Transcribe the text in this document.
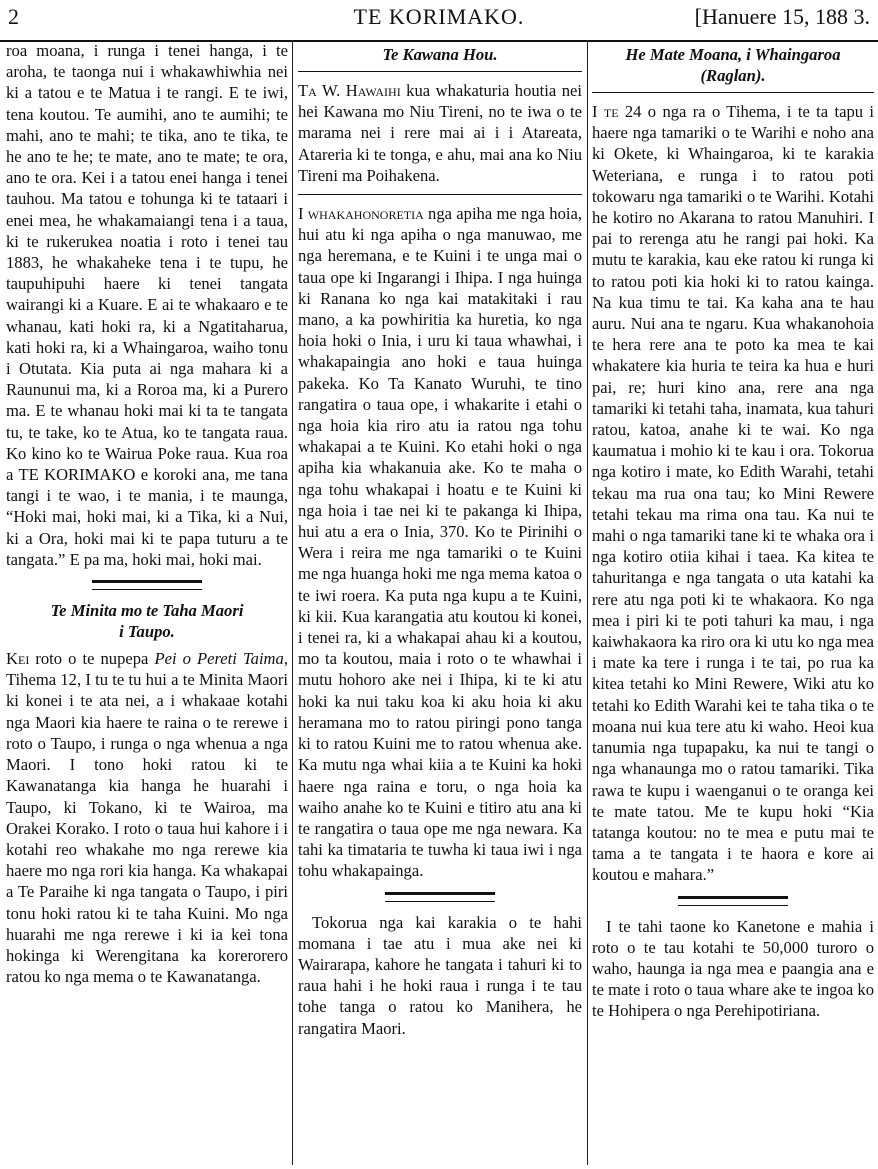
2	TE KORIMAKO.	[Hanuere 15, 188 3.

roa moana, i runga i tenei hanga, i te aroha, te taonga nui i whakawhiwhia nei ki a tatou e te Matua i te rangi. E te iwi, tena koutou. Te aumihi, ano te aumihi; te mahi, ano te mahi; te tika, ano te tika, te he ano te he; te mate, ano te mate; te ora, ano te ora. Kei i a tatou enei hanga i tenei tauhou. Ma tatou e tohunga ki te tataari i enei mea, he whakamaiangi tena i a taua, ki te rukerukea noatia i roto i tenei tau 1883, he whakaheke tena i te tupu, he taupuhipuhi haere ki tenei tangata wairangi ki a Kuare. E ai te whakaaro e te whanau, kati hoki ra, ki a Ngatitaharua, kati hoki ra, ki a Whaingaroa, waiho tonu i Otutata. Kia puta ai nga mahara ki a Raununui ma, ki a Roroa ma, ki a Purero ma. E te whanau hoki mai ki ta te tangata tu, te take, ko te Atua, ko te tangata raua. Ko kino ko te Wairua Poke raua. Kua roa a TE KORIMAKO e koroki ana, me tana tangi i te wao, i te mania, i te maunga, “Hoki mai, hoki mai, ki a Tika, ki a Nui, ki a Ora, hoki mai ki te papa tuturu a te tangata.” E pa ma, hoki mai, hoki mai.

Te Minita mo te Taha Maori
i Taupo.

Kei roto o te nupepa Pei o Pereti Taima, Tihema 12, I tu te tu hui a te Minita Maori ki konei i te ata nei, a i whakaae kotahi nga Maori kia haere te raina o te rerewe i roto o Taupo, i runga o nga whenua a nga Maori. I tono hoki ratou ki te Kawanatanga kia hanga he huarahi i Taupo, ki Tokano, ki te Wairoa, ma Orakei Korako. I roto o taua hui kahore i i kotahi reo whakahe mo nga rerewe kia haere mo nga rori kia hanga. Ka whakapai a Te Paraihe ki nga tangata o Taupo, i piri tonu hoki ratou ki te taha Kuini. Mo nga huarahi me nga rerewe i ki ia kei tona hokinga ki Werengitana ka korerorero ratou ko nga mema o te Kawanatanga.

Te Kawana Hou.

Ta W. Hawaihi kua whakaturia houtia nei hei Kawana mo Niu Tireni, no te iwa o te marama nei i rere mai ai i i Atareata, Atareria ki te tonga, e ahu, mai ana ko Niu Tireni ma Poihakena.

I whakahonoretia nga apiha me nga hoia, hui atu ki nga apiha o nga manuwao, me nga heremana, e te Kuini i te unga mai o taua ope ki Ingarangi i Ihipa. I nga huinga ki Ranana ko nga kai matakitaki i rau mano, a ka powhiritia ka huretia, ko nga hoia hoki o Inia, i uru ki taua whawhai, i whakapaingia ano hoki e taua huinga pakeka. Ko Ta Kanato Wuruhi, te tino rangatira o taua ope, i whakarite i etahi o nga hoia kia riro atu ia ratou nga tohu whakapai a te Kuini. Ko etahi hoki o nga apiha kia whakanuia ake. Ko te maha o nga tohu whakapai i hoatu e te Kuini ki nga hoia i tae nei ki te pakanga ki Ihipa, hui atu a era o Inia, 370. Ko te Pirinihi o Wera i reira me nga tamariki o te Kuini me nga huanga hoki me nga mema katoa o te iwi roera. Ka puta nga kupu a te Kuini, ki kii. Kua karangatia atu koutou ki konei, i tenei ra, ki a whakapai ahau ki a koutou, mo ta koutou, maia i roto o te whawhai i mutu hohoro ake nei i Ihipa, ki te ki atu hoki ka nui taku koa ki aku hoia ki aku heramana mo to ratou piringi pono tanga ki to ratou Kuini me to ratou whenua ake. Ka mutu nga whai kiia a te Kuini ka hoki haere nga raina e toru, o nga hoia ka waiho anahe ko te Kuini e titiro atu ana ki te rangatira o taua ope me nga newara. Ka tahi ka timataria te tuwha ki taua iwi i nga tohu whakapainga.

Tokorua nga kai karakia o te hahi momana i tae atu i mua ake nei ki Wairarapa, kahore he tangata i tahuri ki to raua hahi i he hoki raua i runga i te tau tohe tanga o ratou ko Manihera, he rangatira Maori.

He Mate Moana, i Whaingaroa
(Raglan).

I te 24 o nga ra o Tihema, i te ta tapu i haere nga tamariki o te Warihi e noho ana ki Okete, ki Whaingaroa, ki te karakia Weteriana, e runga i to ratou poti tokowaru nga tamariki o te Warihi. Kotahi he kotiro no Akarana to ratou Manuhiri. I pai to rerenga atu he rangi pai hoki. Ka mutu te karakia, kau eke ratou ki runga ki to ratou poti kia hoki ki to ratou kainga. Na kua timu te tai. Ka kaha ana te hau auru. Nui ana te ngaru. Kua whakanohoia te hera rere ana te poto ka mea te kai whakatere kia huria te teira ka hua e huri pai, re; huri kino ana, rere ana nga tamariki ki tetahi taha, inamata, kua tahuri ratou, katoa, anahe ki te wai. Ko nga kaumatua i mohio ki te kau i ora. Tokorua nga kotiro i mate, ko Edith Warahi, tetahi tekau ma rua ona tau; ko Mini Rewere tetahi tekau ma rima ona tau. Ka nui te mahi o nga tamariki tane ki te whaka ora i nga kotiro otiia kihai i taea. Ka kitea te tahuritanga e nga tangata o uta katahi ka rere atu nga poti ki te whakaora. Ko nga mea i piri ki te poti tahuri ka mau, i nga kaiwhakaora ka riro ora ki utu ko nga mea i mate ka tere i runga i te tai, po rua ka kitea tetahi ko Mini Rewere, Wiki atu ko tetahi ko Edith Warahi kei te taha tika o te moana nui kua tere atu ki waho. Heoi kua tanumia nga tupapaku, ka nui te tangi o nga whanaunga mo o ratou tamariki. Tika rawa te kupu i waenganui o te oranga kei te mate tatou. Me te kupu hoki “Kia tatanga koutou: no te mea e putu mai te tama a te tangata i te haora e kore ai koutou e mahara.”

I te tahi taone ko Kanetone e mahia i roto o te tau kotahi te 50,000 turoro o waho, haunga ia nga mea e paangia ana e te mate i roto o taua whare ake te ingoa ko te Hohipera o nga Perehipotiriana.
